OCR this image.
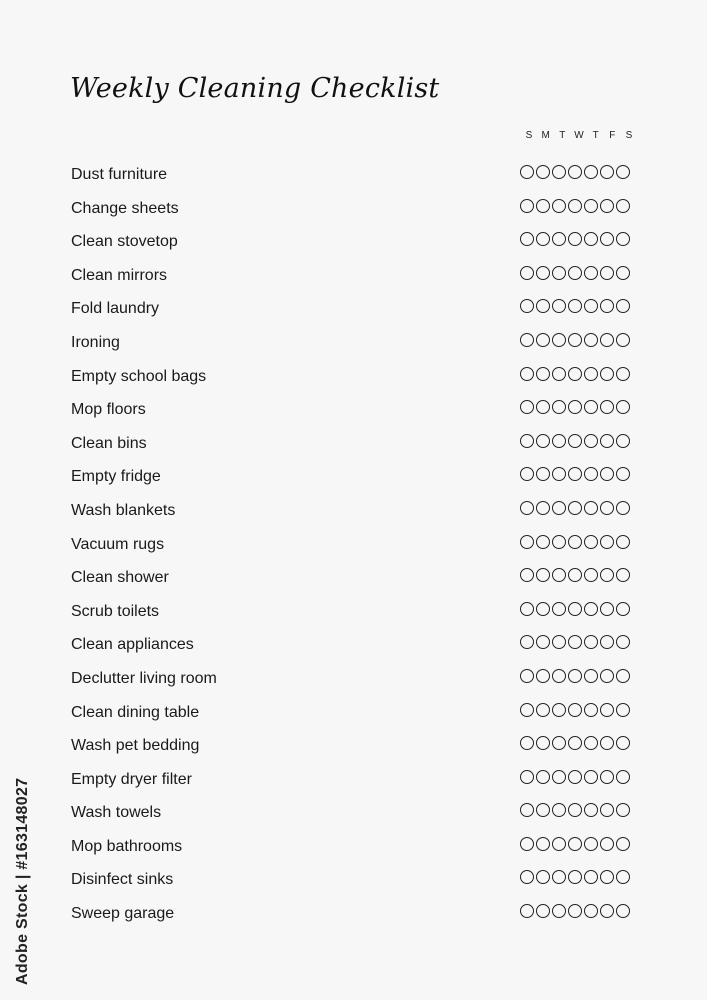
Weekly Cleaning Checklist
S M T W T F S
Dust furniture
Change sheets
Clean stovetop
Clean mirrors
Fold laundry
Ironing
Empty school bags
Mop floors
Clean bins
Empty fridge
Wash blankets
Vacuum rugs
Clean shower
Scrub toilets
Clean appliances
Declutter living room
Clean dining table
Wash pet bedding
Empty dryer filter
Wash towels
Mop bathrooms
Disinfect sinks
Sweep garage
Adobe Stock | #163148027
